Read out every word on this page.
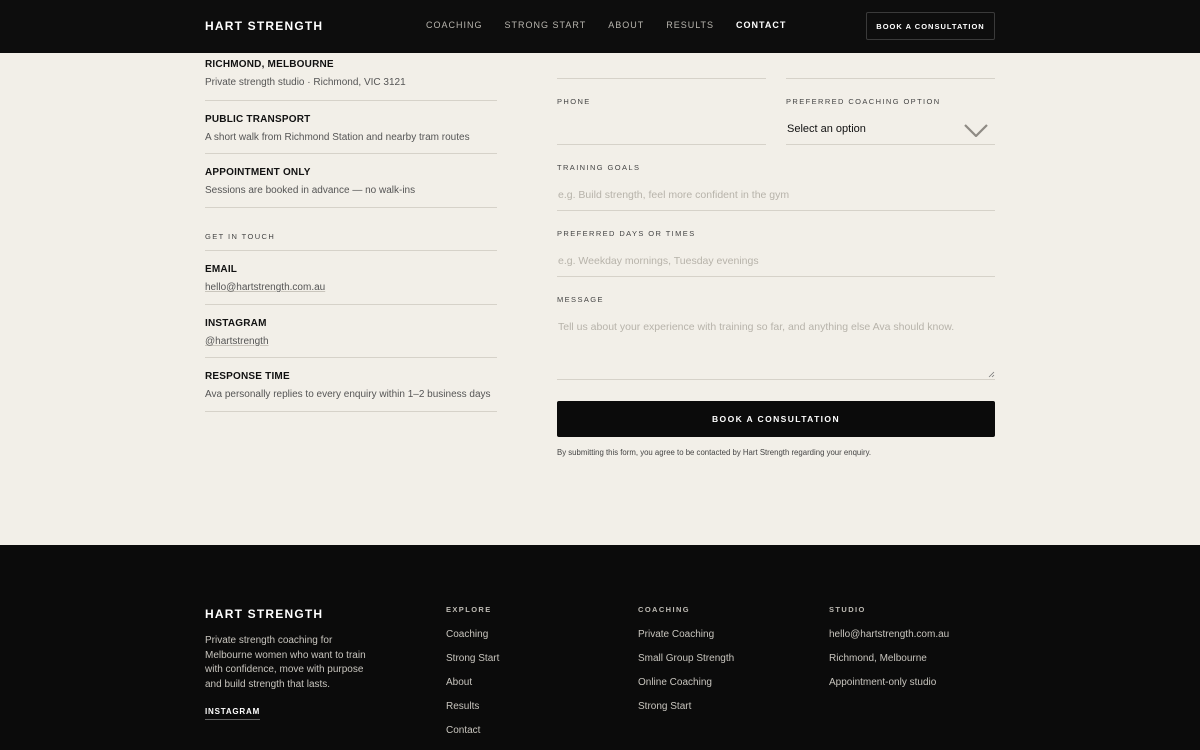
HART STRENGTH	COACHING STRONG START ABOUT RESULTS CONTACT	BOOK A CONSULTATION
RICHMOND, MELBOURNE
Private strength studio · Richmond, VIC 3121
PUBLIC TRANSPORT
A short walk from Richmond Station and nearby tram routes
APPOINTMENT ONLY
Sessions are booked in advance — no walk-ins
GET IN TOUCH
EMAIL
hello@hartstrength.com.au
INSTAGRAM
@hartstrength
RESPONSE TIME
Ava personally replies to every enquiry within 1–2 business days
PHONE	PREFERRED COACHING OPTION
Select an option
TRAINING GOALS
e.g. Build strength, feel more confident in the gym
PREFERRED DAYS OR TIMES
e.g. Weekday mornings, Tuesday evenings
MESSAGE
Tell us about your experience with training so far, and anything else Ava should know.
BOOK A CONSULTATION
By submitting this form, you agree to be contacted by Hart Strength regarding your enquiry.
HART STRENGTH
Private strength coaching for Melbourne women who want to train with confidence, move with purpose and build strength that lasts.
INSTAGRAM
EXPLORE
Coaching
Strong Start
About
Results
Contact
COACHING
Private Coaching
Small Group Strength
Online Coaching
Strong Start
STUDIO
hello@hartstrength.com.au
Richmond, Melbourne
Appointment-only studio
